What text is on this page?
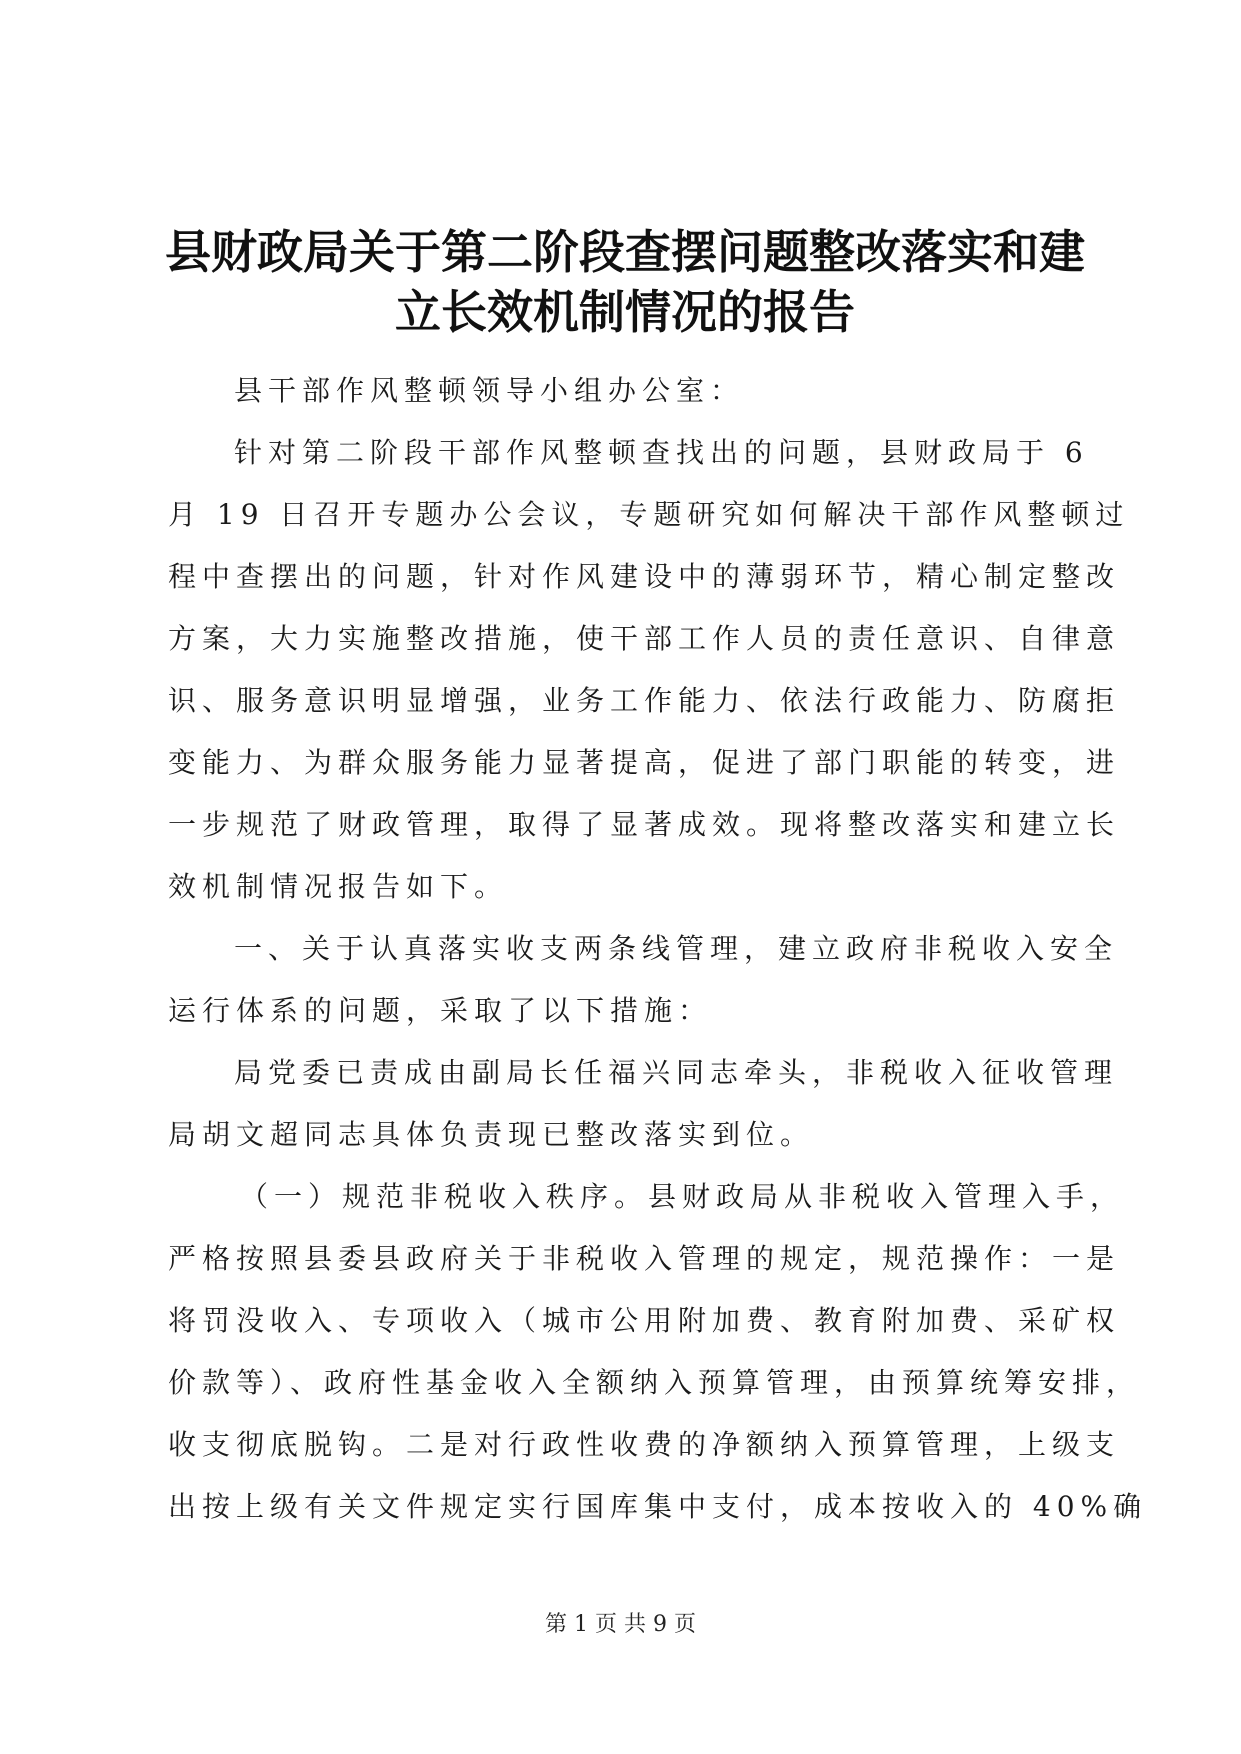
县财政局关于第二阶段查摆问题整改落实和建
立长效机制情况的报告
县干部作风整顿领导小组办公室：
针对第二阶段干部作风整顿查找出的问题，县财政局于 6
月 19 日召开专题办公会议，专题研究如何解决干部作风整顿过
程中查摆出的问题，针对作风建设中的薄弱环节，精心制定整改
方案，大力实施整改措施，使干部工作人员的责任意识、自律意
识、服务意识明显增强，业务工作能力、依法行政能力、防腐拒
变能力、为群众服务能力显著提高，促进了部门职能的转变，进
一步规范了财政管理，取得了显著成效。现将整改落实和建立长
效机制情况报告如下。
一、关于认真落实收支两条线管理，建立政府非税收入安全
运行体系的问题，采取了以下措施：
局党委已责成由副局长任福兴同志牵头，非税收入征收管理
局胡文超同志具体负责现已整改落实到位。
（一）规范非税收入秩序。县财政局从非税收入管理入手，
严格按照县委县政府关于非税收入管理的规定，规范操作：一是
将罚没收入、专项收入（城市公用附加费、教育附加费、采矿权
价款等）、政府性基金收入全额纳入预算管理，由预算统筹安排，
收支彻底脱钩。二是对行政性收费的净额纳入预算管理，上级支
出按上级有关文件规定实行国库集中支付，成本按收入的 40%确
第 1 页 共 9 页
